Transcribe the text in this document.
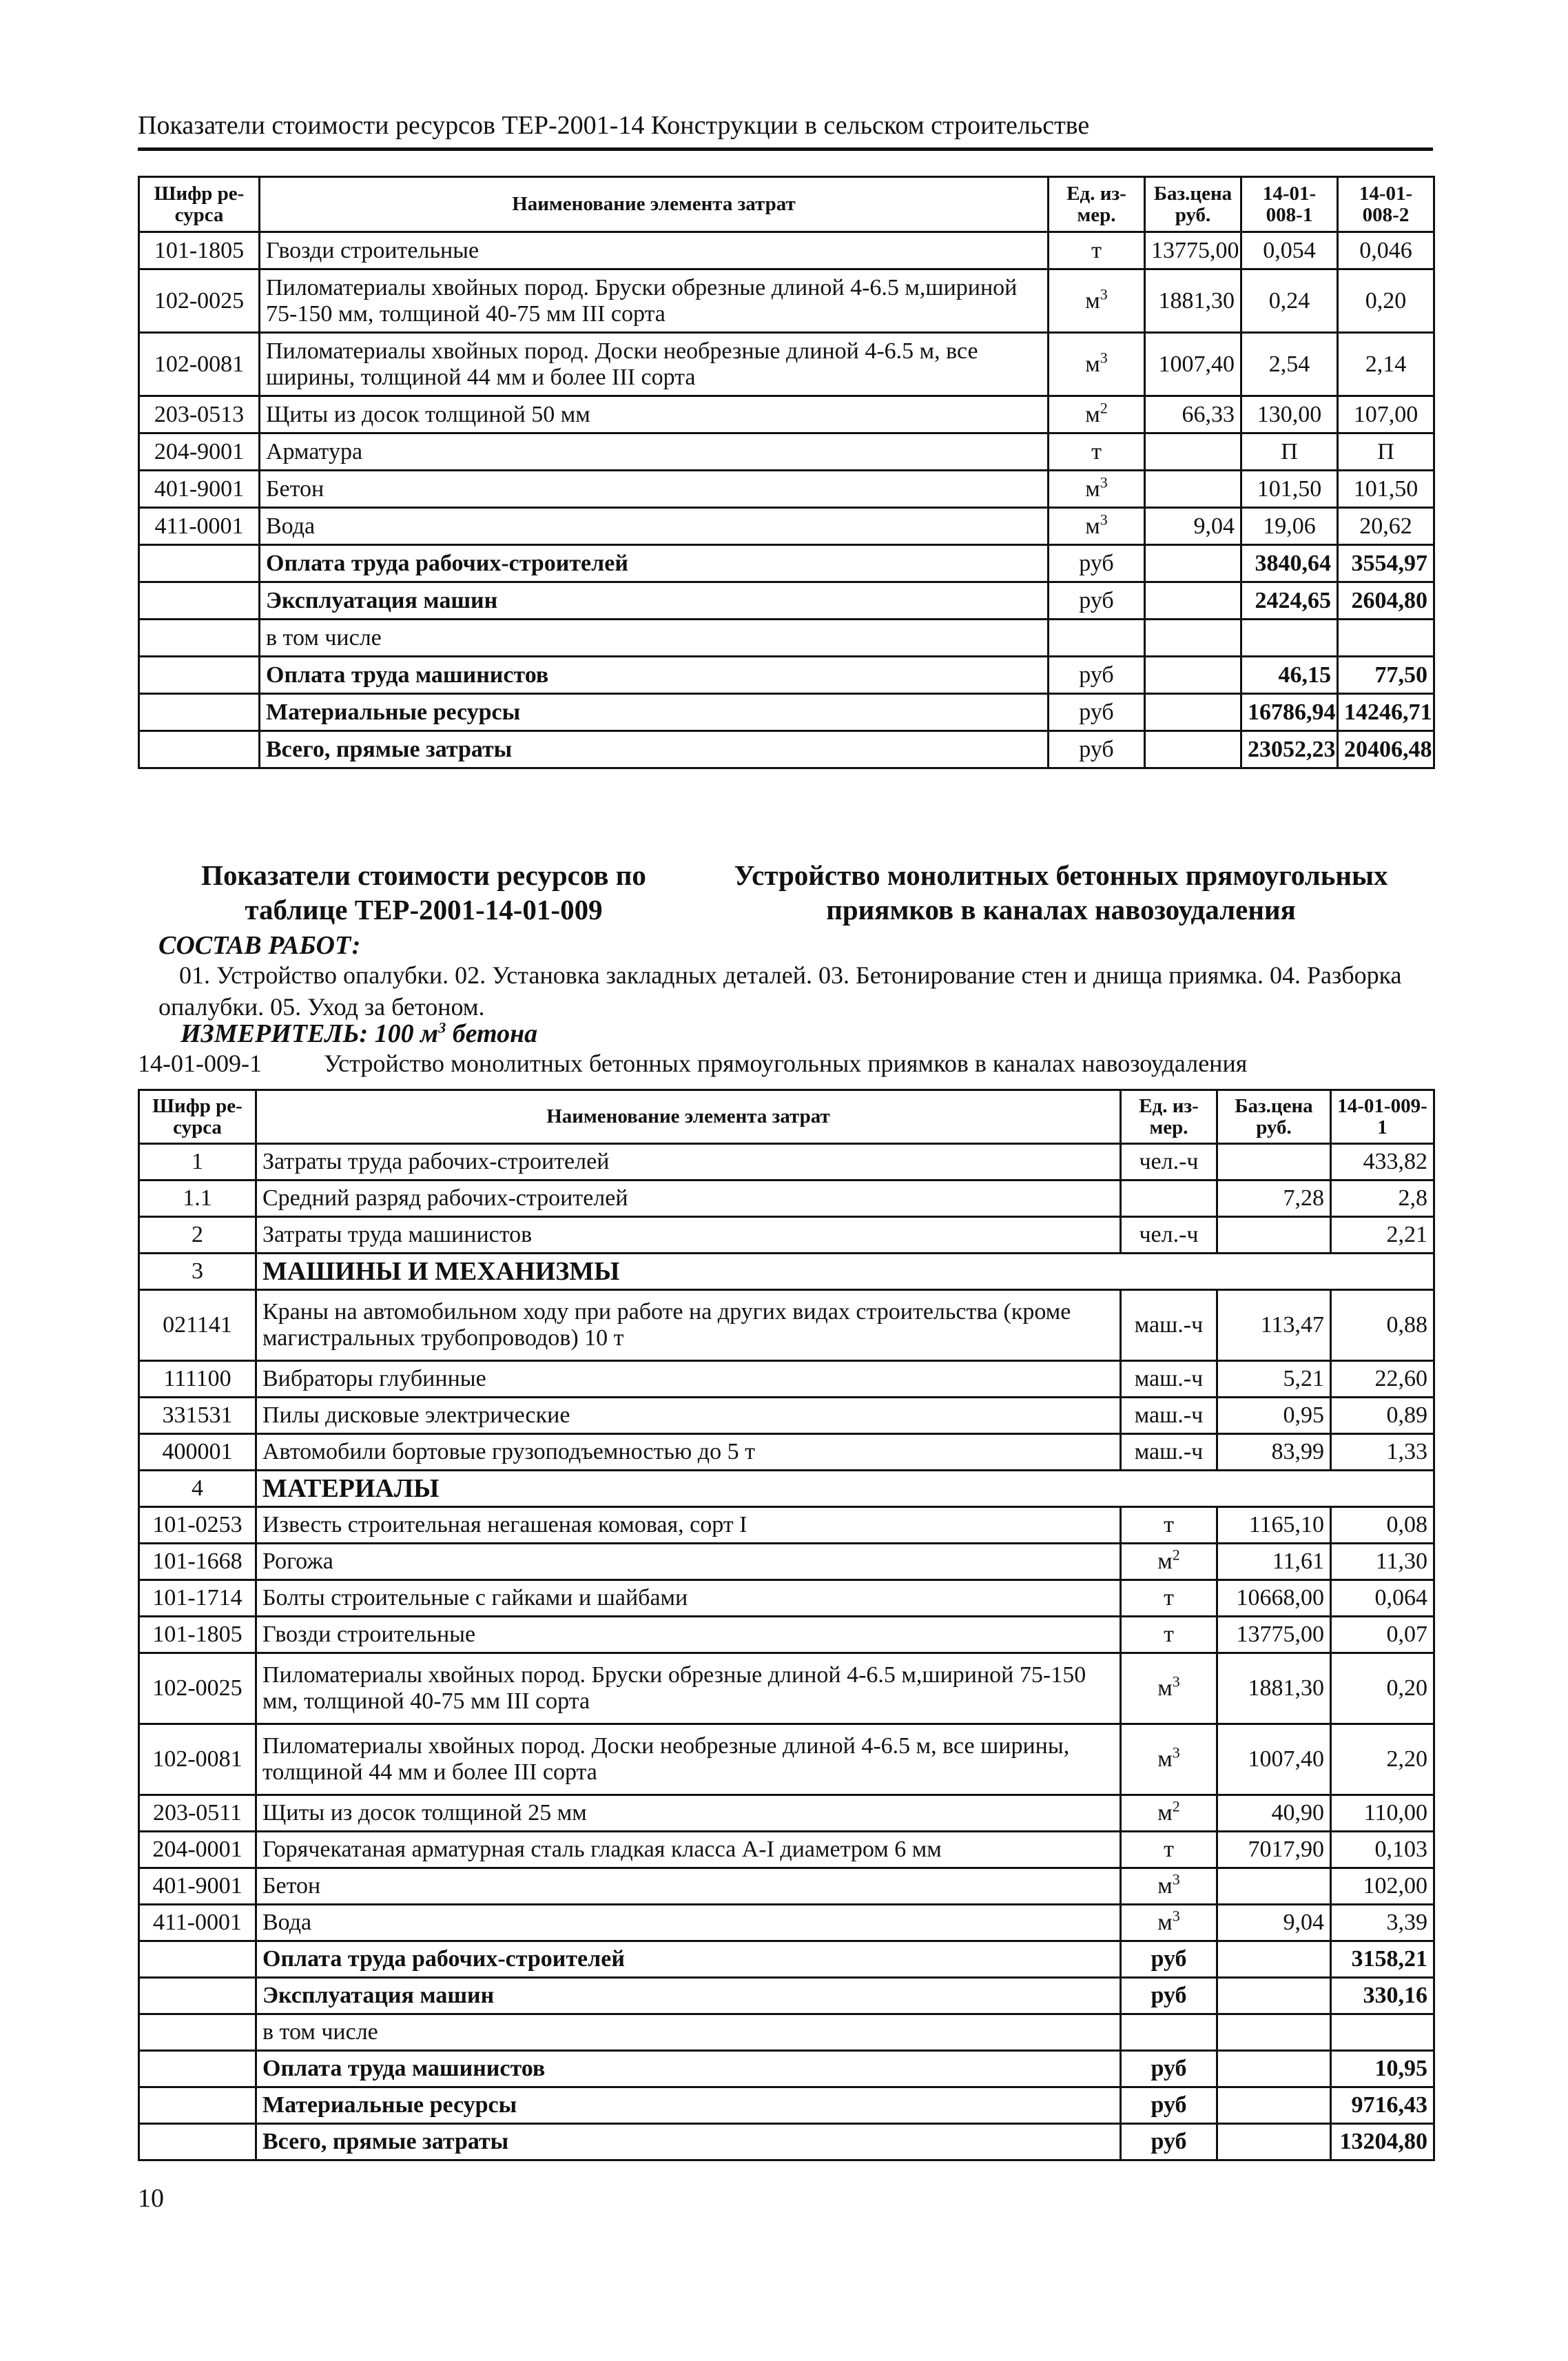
Показатели стоимости ресурсов ТЕР-2001-14 Конструкции в сельском строительстве
Шифр ре-сурса	Наименование элемента затрат	Ед. из-мер.	Баз.цена руб.	14-01-008-1	14-01-008-2
101-1805	Гвозди строительные	т	13775,00	0,054	0,046
102-0025	Пиломатериалы хвойных пород. Бруски обрезные длиной 4-6.5 м,шириной 75-150 мм, толщиной 40-75 мм III сорта	$м^3$	1881,30	0,24	0,20
102-0081	Пиломатериалы хвойных пород. Доски необрезные длиной 4-6.5 м, все ширины, толщиной 44 мм и более III сорта	$м^3$	1007,40	2,54	2,14
203-0513	Щиты из досок толщиной 50 мм	$м^2$	66,33	130,00	107,00
204-9001	Арматура	т		П	П
401-9001	Бетон	$м^3$		101,50	101,50
411-0001	Вода	$м^3$	9,04	19,06	20,62
	Оплата труда рабочих-строителей	руб		3840,64	3554,97
	Эксплуатация машин	руб		2424,65	2604,80
	в том числе				
	Оплата труда машинистов	руб		46,15	77,50
	Материальные ресурсы	руб		16786,94	14246,71
	Всего, прямые затраты	руб		23052,23	20406,48
Показатели стоимости ресурсов по таблице ТЕР-2001-14-01-009
Устройство монолитных бетонных прямоугольных приямков в каналах навозоудаления
СОСТАВ РАБОТ:
01. Устройство опалубки. 02. Установка закладных деталей. 03. Бетонирование стен и днища приямка. 04. Разборка опалубки. 05. Уход за бетоном.
ИЗМЕРИТЕЛЬ: 100 $м^3$ бетона
14-01-009-1	Устройство монолитных бетонных прямоугольных приямков в каналах навозоудаления
Шифр ре-сурса	Наименование элемента затрат	Ед. из-мер.	Баз.цена руб.	14-01-009-1
1	Затраты труда рабочих-строителей	чел.-ч		433,82
1.1	Средний разряд рабочих-строителей		7,28	2,8
2	Затраты труда машинистов	чел.-ч		2,21
3	МАШИНЫ И МЕХАНИЗМЫ			
021141	Краны на автомобильном ходу при работе на других видах строительства (кроме магистральных трубопроводов) 10 т	маш.-ч	113,47	0,88
111100	Вибраторы глубинные	маш.-ч	5,21	22,60
331531	Пилы дисковые электрические	маш.-ч	0,95	0,89
400001	Автомобили бортовые грузоподъемностью до 5 т	маш.-ч	83,99	1,33
4	МАТЕРИАЛЫ			
101-0253	Известь строительная негашеная комовая, сорт I	т	1165,10	0,08
101-1668	Рогожа	$м^2$	11,61	11,30
101-1714	Болты строительные с гайками и шайбами	т	10668,00	0,064
101-1805	Гвозди строительные	т	13775,00	0,07
102-0025	Пиломатериалы хвойных пород. Бруски обрезные длиной 4-6.5 м,шириной 75-150 мм, толщиной 40-75 мм III сорта	$м^3$	1881,30	0,20
102-0081	Пиломатериалы хвойных пород. Доски необрезные длиной 4-6.5 м, все ширины, толщиной 44 мм и более III сорта	$м^3$	1007,40	2,20
203-0511	Щиты из досок толщиной 25 мм	$м^2$	40,90	110,00
204-0001	Горячекатаная арматурная сталь гладкая класса А-I диаметром 6 мм	т	7017,90	0,103
401-9001	Бетон	$м^3$		102,00
411-0001	Вода	$м^3$	9,04	3,39
	Оплата труда рабочих-строителей	руб		3158,21
	Эксплуатация машин	руб		330,16
	в том числе			
	Оплата труда машинистов	руб		10,95
	Материальные ресурсы	руб		9716,43
	Всего, прямые затраты	руб		13204,80
10
